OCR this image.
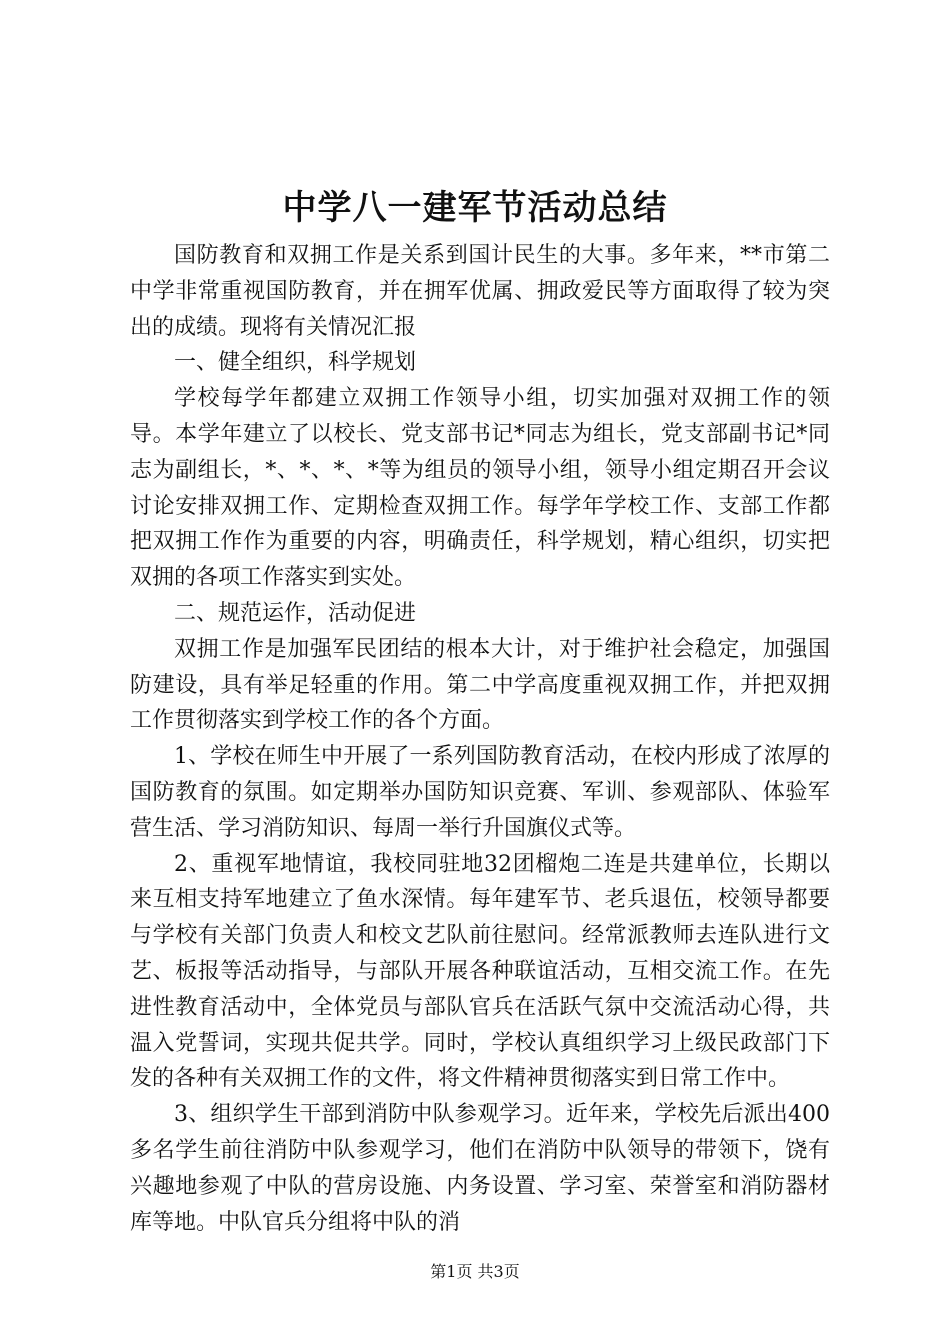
中学八一建军节活动总结

国防教育和双拥工作是关系到国计民生的大事。多年来，**市第二中学非常重视国防教育，并在拥军优属、拥政爱民等方面取得了较为突出的成绩。现将有关情况汇报

一、健全组织，科学规划

学校每学年都建立双拥工作领导小组，切实加强对双拥工作的领导。本学年建立了以校长、党支部书记*同志为组长，党支部副书记*同志为副组长，*、*、*、*等为组员的领导小组，领导小组定期召开会议讨论安排双拥工作、定期检查双拥工作。每学年学校工作、支部工作都把双拥工作作为重要的内容，明确责任，科学规划，精心组织，切实把双拥的各项工作落实到实处。

二、规范运作，活动促进

双拥工作是加强军民团结的根本大计，对于维护社会稳定，加强国防建设，具有举足轻重的作用。第二中学高度重视双拥工作，并把双拥工作贯彻落实到学校工作的各个方面。

1、学校在师生中开展了一系列国防教育活动，在校内形成了浓厚的国防教育的氛围。如定期举办国防知识竞赛、军训、参观部队、体验军营生活、学习消防知识、每周一举行升国旗仪式等。

2、重视军地情谊，我校同驻地32团榴炮二连是共建单位，长期以来互相支持军地建立了鱼水深情。每年建军节、老兵退伍，校领导都要与学校有关部门负责人和校文艺队前往慰问。经常派教师去连队进行文艺、板报等活动指导，与部队开展各种联谊活动，互相交流工作。在先进性教育活动中，全体党员与部队官兵在活跃气氛中交流活动心得，共温入党誓词，实现共促共学。同时，学校认真组织学习上级民政部门下发的各种有关双拥工作的文件，将文件精神贯彻落实到日常工作中。

3、组织学生干部到消防中队参观学习。近年来，学校先后派出400多名学生前往消防中队参观学习，他们在消防中队领导的带领下，饶有兴趣地参观了中队的营房设施、内务设置、学习室、荣誉室和消防器材库等地。中队官兵分组将中队的消

第1页 共3页
